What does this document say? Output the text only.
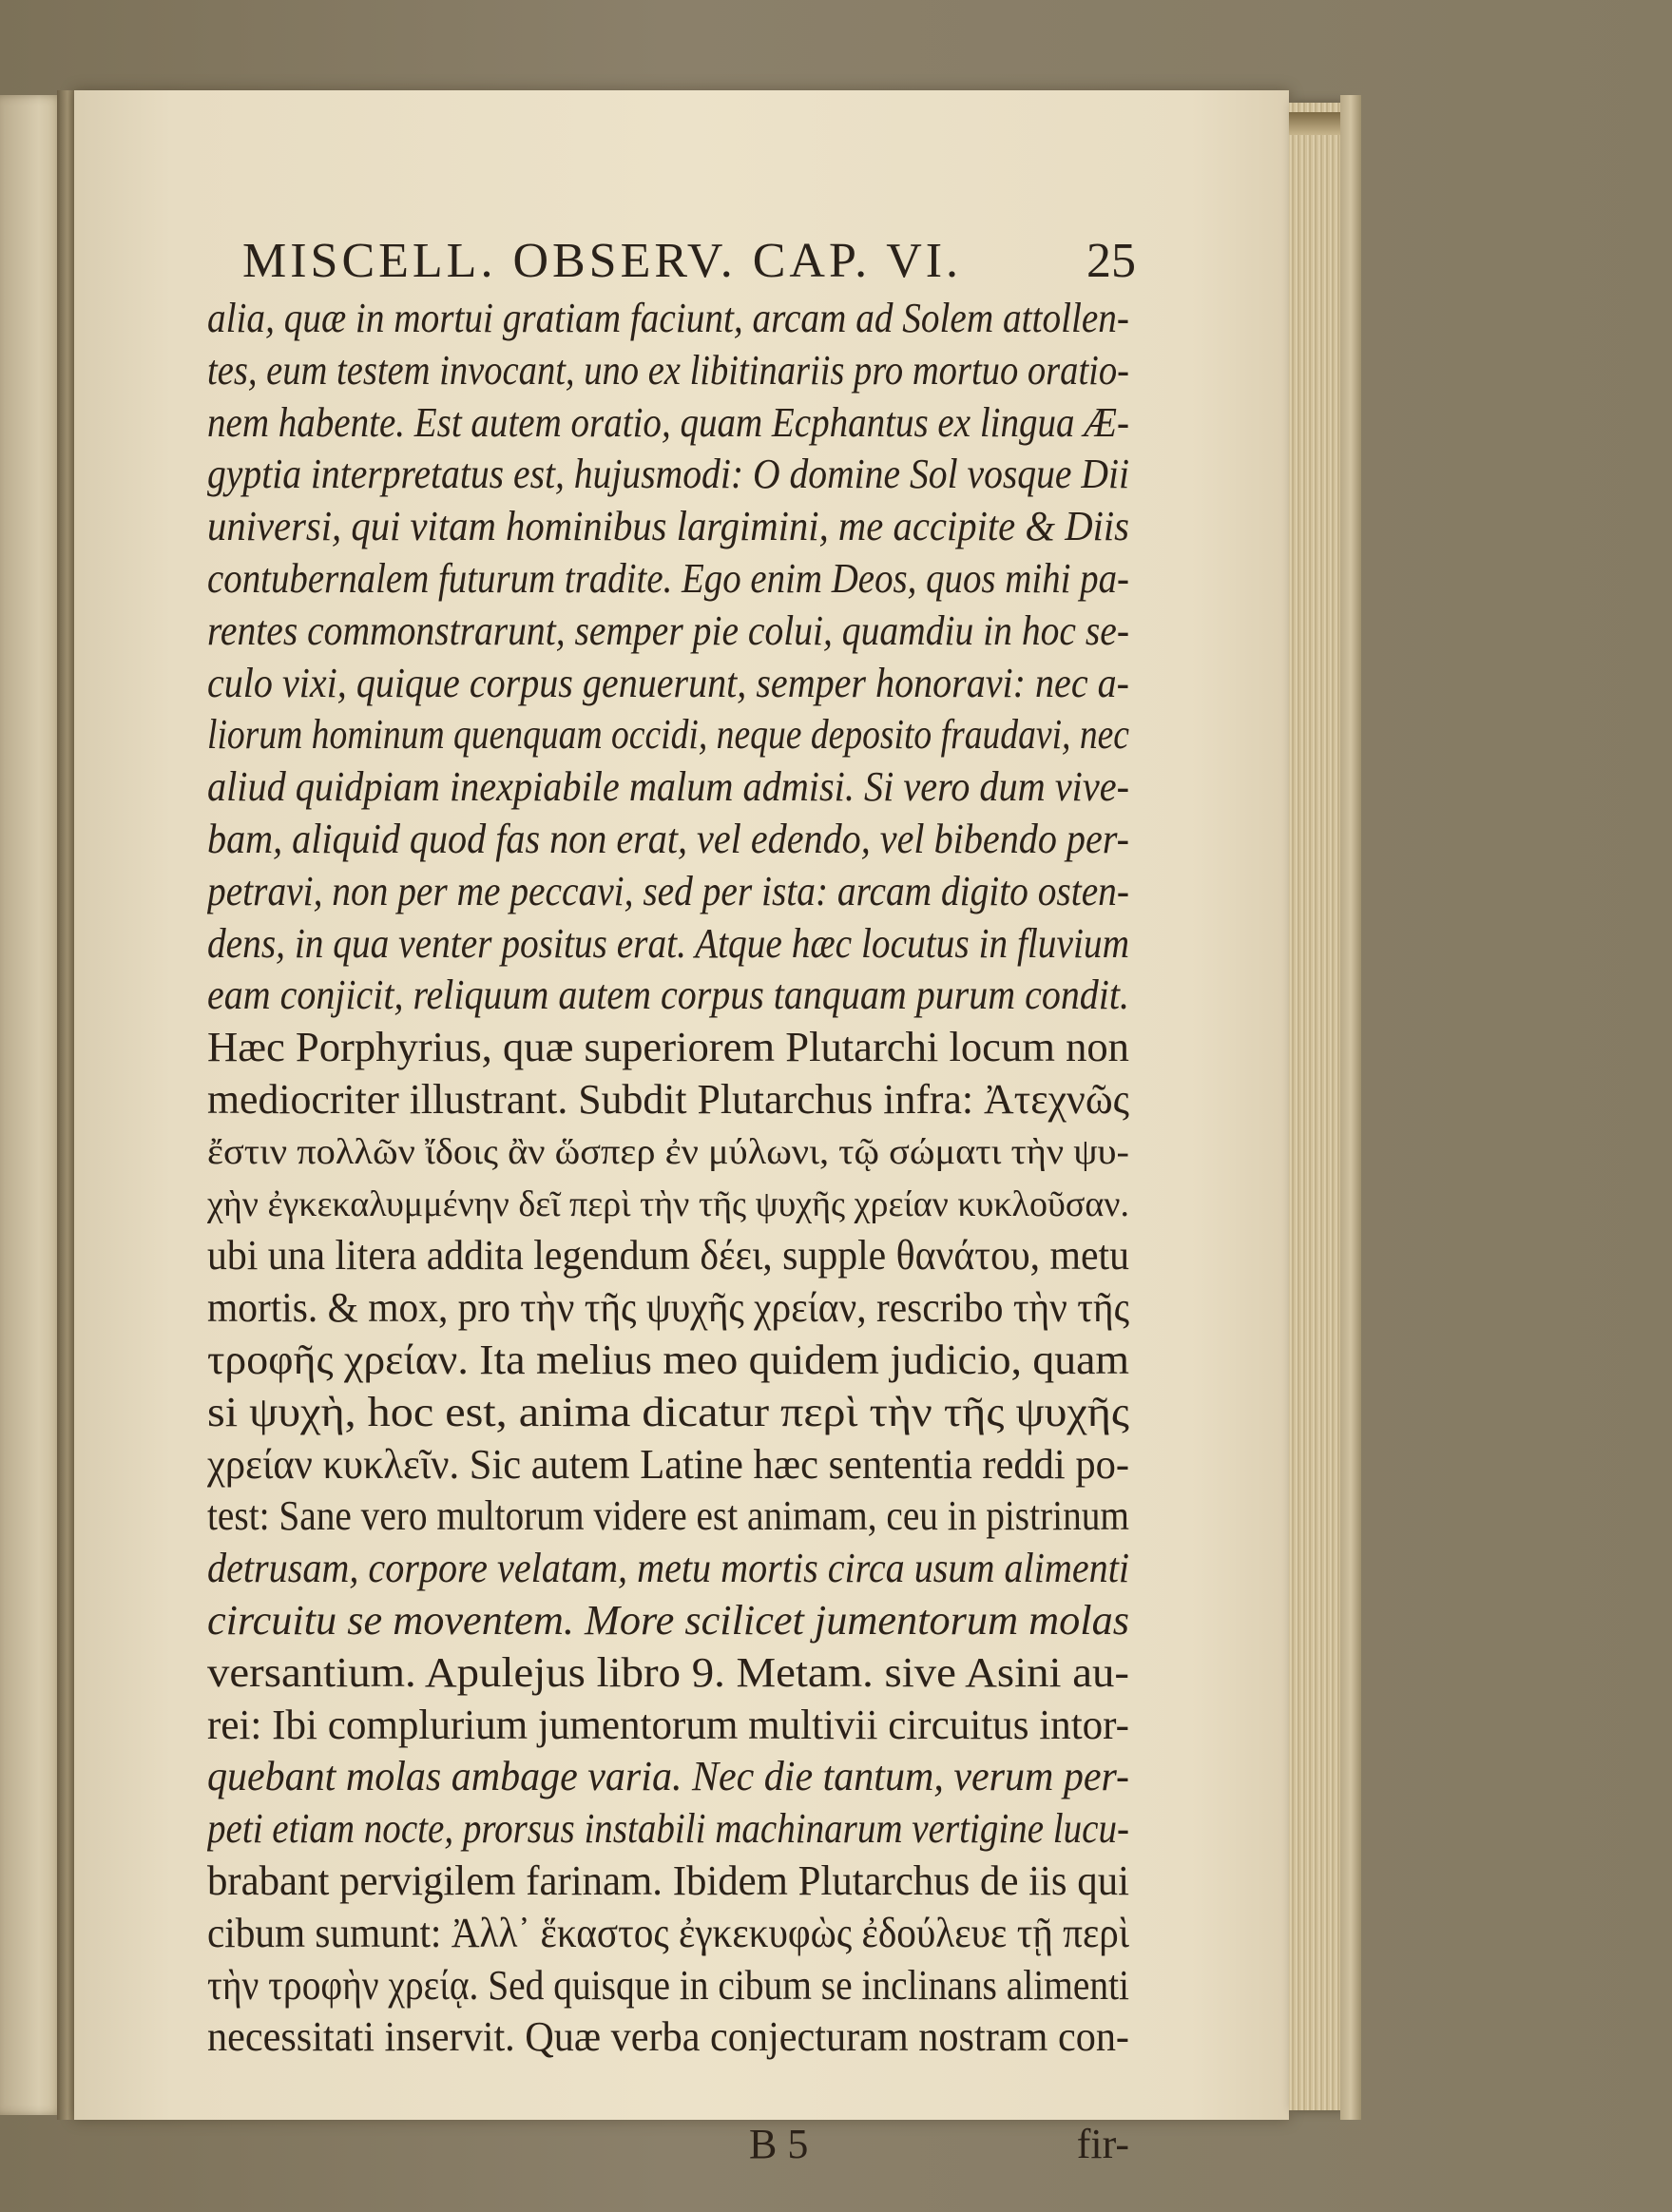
MISCELL. OBSERV. CAP. VI.	25
alia, quæ in mortui gratiam faciunt, arcam ad Solem attollen-
tes, eum testem invocant, uno ex libitinariis pro mortuo oratio-
nem habente. Est autem oratio, quam Ecphantus ex lingua Æ-
gyptia interpretatus est, hujusmodi: O domine Sol vosque Dii
universi, qui vitam hominibus largimini, me accipite & Diis
contubernalem futurum tradite. Ego enim Deos, quos mihi pa-
rentes commonstrarunt, semper pie colui, quamdiu in hoc se-
culo vixi, quique corpus genuerunt, semper honoravi: nec a-
liorum hominum quenquam occidi, neque deposito fraudavi, nec
aliud quidpiam inexpiabile malum admisi. Si vero dum vive-
bam, aliquid quod fas non erat, vel edendo, vel bibendo per-
petravi, non per me peccavi, sed per ista: arcam digito osten-
dens, in qua venter positus erat. Atque hæc locutus in fluvium
eam conjicit, reliquum autem corpus tanquam purum condit.
Hæc Porphyrius, quæ superiorem Plutarchi locum non
mediocriter illustrant. Subdit Plutarchus infra: Ἀτεχνῶς
ἔστιν πολλῶν ἴδοις ἂν ὥσπερ ἐν μύλωνι, τῷ σώματι τὴν ψυ-
χὴν ἐγκεκαλυμμένην δεῖ περὶ τὴν τῆς ψυχῆς χρείαν κυκλοῦσαν.
ubi una litera addita legendum δέει, supple θανάτου, metu
mortis. & mox, pro τὴν τῆς ψυχῆς χρείαν, rescribo τὴν τῆς
τροφῆς χρείαν. Ita melius meo quidem judicio, quam
si ψυχὴ, hoc est, anima dicatur περὶ τὴν τῆς ψυχῆς
χρείαν κυκλεῖν. Sic autem Latine hæc sententia reddi po-
test: Sane vero multorum videre est animam, ceu in pistrinum
detrusam, corpore velatam, metu mortis circa usum alimenti
circuitu se moventem. More scilicet jumentorum molas
versantium. Apulejus libro 9. Metam. sive Asini au-
rei: Ibi complurium jumentorum multivii circuitus intor-
quebant molas ambage varia. Nec die tantum, verum per-
peti etiam nocte, prorsus instabili machinarum vertigine lucu-
brabant pervigilem farinam. Ibidem Plutarchus de iis qui
cibum sumunt: Ἀλλ᾽ ἕκαστος ἐγκεκυφὼς ἐδούλευε τῇ περὶ
τὴν τροφὴν χρείᾳ. Sed quisque in cibum se inclinans alimenti
necessitati inservit. Quæ verba conjecturam nostram con-
B 5	fir-
